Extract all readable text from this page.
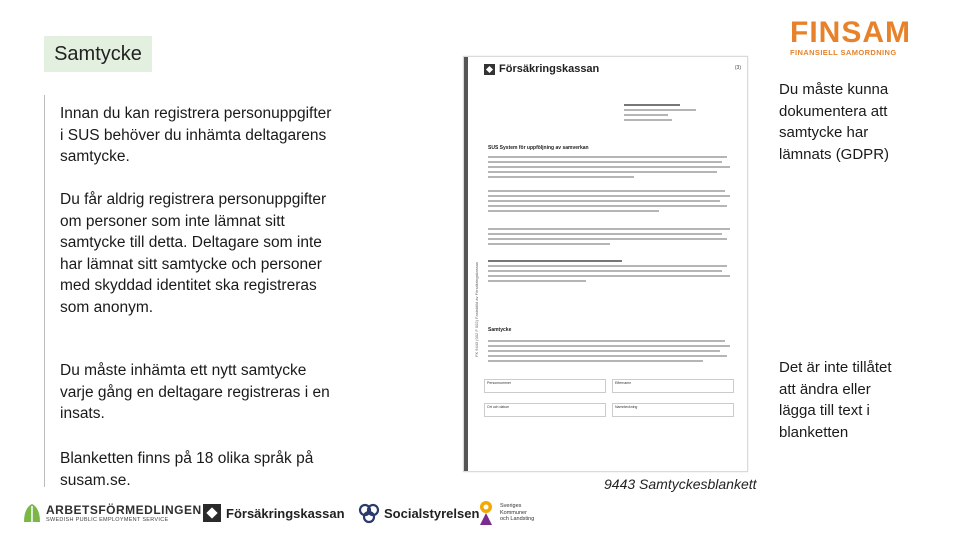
Samtycke
Innan du kan registrera personuppgifter i SUS behöver du inhämta deltagarens samtycke.
Du får aldrig registrera personuppgifter om personer som inte lämnat sitt samtycke till detta. Deltagare som inte har lämnat sitt samtycke och personer med skyddad identitet ska registreras som anonym.
Du måste inhämta ett nytt samtycke varje gång en deltagare registreras i en insats.
Blanketten finns på 18 olika språk på susam.se.
Du måste kunna dokumentera att samtycke har lämnats (GDPR)
Det är inte tillåtet att ändra eller lägga till text i blanketten
FINSAM
FINANSIELL SAMORDNING
FK 9443 (002 F 002) Fastställd av Försäkringskassan
Försäkringskassan	(3)
SUS System för uppföljning av samverkan
Samtycke
Personnummer	Efternamn
Ort och datum	Namnteckning
9443 Samtyckesblankett
ARBETSFÖRMEDLINGEN
SWEDISH PUBLIC EMPLOYMENT SERVICE	Försäkringskassan	Socialstyrelsen	Sveriges
Kommuner
och Landsting
